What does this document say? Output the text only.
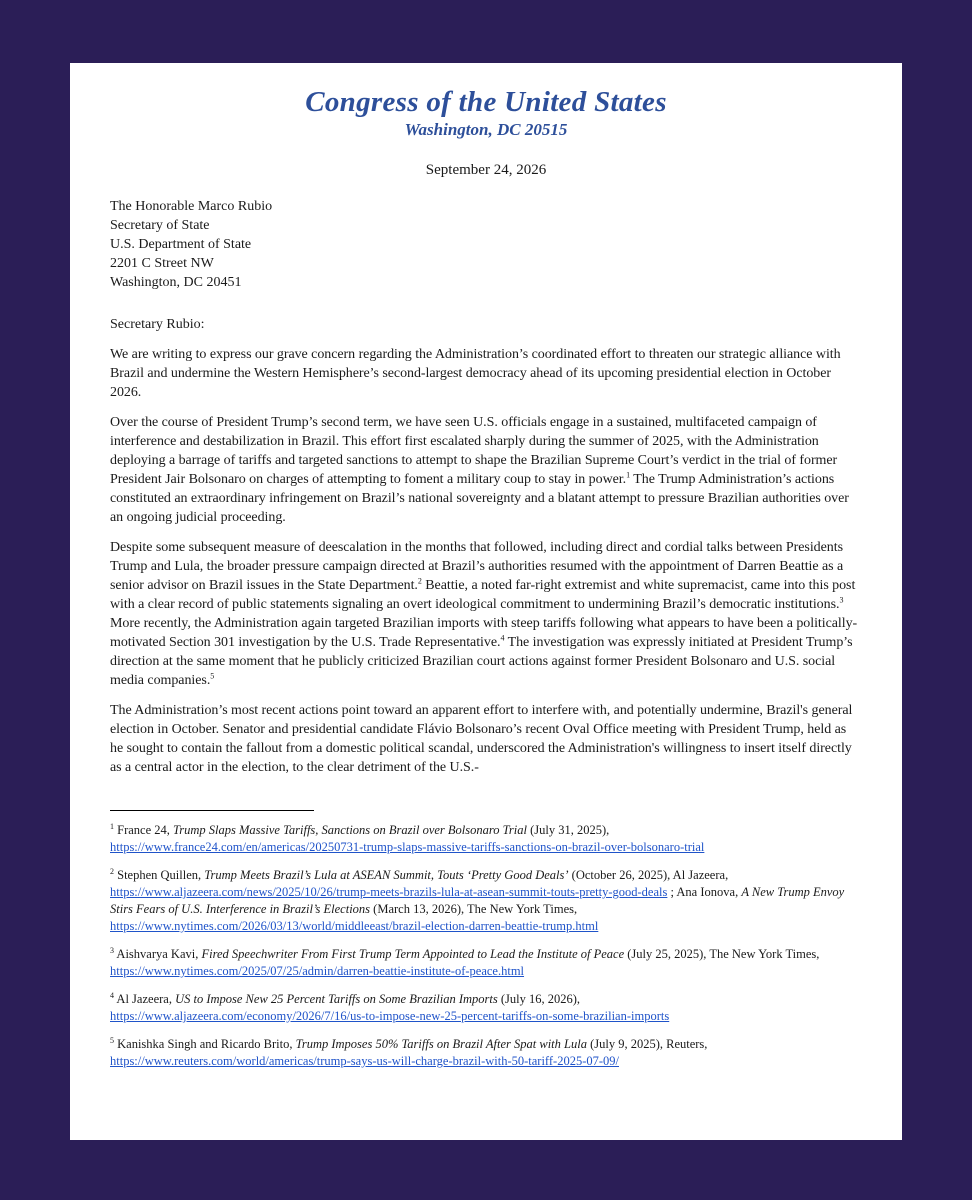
Congress of the United States
Washington, DC 20515
September 24, 2026
The Honorable Marco Rubio
Secretary of State
U.S. Department of State
2201 C Street NW
Washington, DC 20451
Secretary Rubio:

We are writing to express our grave concern regarding the Administration’s coordinated effort to threaten our strategic alliance with Brazil and undermine the Western Hemisphere’s second-largest democracy ahead of its upcoming presidential election in October 2026.

Over the course of President Trump’s second term, we have seen U.S. officials engage in a sustained, multifaceted campaign of interference and destabilization in Brazil. This effort first escalated sharply during the summer of 2025, with the Administration deploying a barrage of tariffs and targeted sanctions to attempt to shape the Brazilian Supreme Court’s verdict in the trial of former President Jair Bolsonaro on charges of attempting to foment a military coup to stay in power.$^1$ The Trump Administration’s actions constituted an extraordinary infringement on Brazil’s national sovereignty and a blatant attempt to pressure Brazilian authorities over an ongoing judicial proceeding.

Despite some subsequent measure of deescalation in the months that followed, including direct and cordial talks between Presidents Trump and Lula, the broader pressure campaign directed at Brazil’s authorities resumed with the appointment of Darren Beattie as a senior advisor on Brazil issues in the State Department.$^2$ Beattie, a noted far-right extremist and white supremacist, came into this post with a clear record of public statements signaling an overt ideological commitment to undermining Brazil’s democratic institutions.$^3$ More recently, the Administration again targeted Brazilian imports with steep tariffs following what appears to have been a politically-motivated Section 301 investigation by the U.S. Trade Representative.$^4$ The investigation was expressly initiated at President Trump’s direction at the same moment that he publicly criticized Brazilian court actions against former President Bolsonaro and U.S. social media companies.$^5$

The Administration’s most recent actions point toward an apparent effort to interfere with, and potentially undermine, Brazil's general election in October. Senator and presidential candidate Flávio Bolsonaro’s recent Oval Office meeting with President Trump, held as he sought to contain the fallout from a domestic political scandal, underscored the Administration's willingness to insert itself directly as a central actor in the election, to the clear detriment of the U.S.-

$^1$ France 24, Trump Slaps Massive Tariffs, Sanctions on Brazil over Bolsonaro Trial (July 31, 2025),
https://www.france24.com/en/americas/20250731-trump-slaps-massive-tariffs-sanctions-on-brazil-over-bolsonaro-trial
$^2$ Stephen Quillen, Trump Meets Brazil’s Lula at ASEAN Summit, Touts ‘Pretty Good Deals’ (October 26, 2025), Al Jazeera,
https://www.aljazeera.com/news/2025/10/26/trump-meets-brazils-lula-at-asean-summit-touts-pretty-good-deals ; Ana Ionova, A New Trump Envoy Stirs Fears of U.S. Interference in Brazil’s Elections (March 13, 2026), The New York Times,
https://www.nytimes.com/2026/03/13/world/middleeast/brazil-election-darren-beattie-trump.html
$^3$ Aishvarya Kavi, Fired Speechwriter From First Trump Term Appointed to Lead the Institute of Peace (July 25, 2025), The New York Times, https://www.nytimes.com/2025/07/25/admin/darren-beattie-institute-of-peace.html
$^4$ Al Jazeera, US to Impose New 25 Percent Tariffs on Some Brazilian Imports (July 16, 2026),
https://www.aljazeera.com/economy/2026/7/16/us-to-impose-new-25-percent-tariffs-on-some-brazilian-imports
$^5$ Kanishka Singh and Ricardo Brito, Trump Imposes 50% Tariffs on Brazil After Spat with Lula (July 9, 2025), Reuters,
https://www.reuters.com/world/americas/trump-says-us-will-charge-brazil-with-50-tariff-2025-07-09/
